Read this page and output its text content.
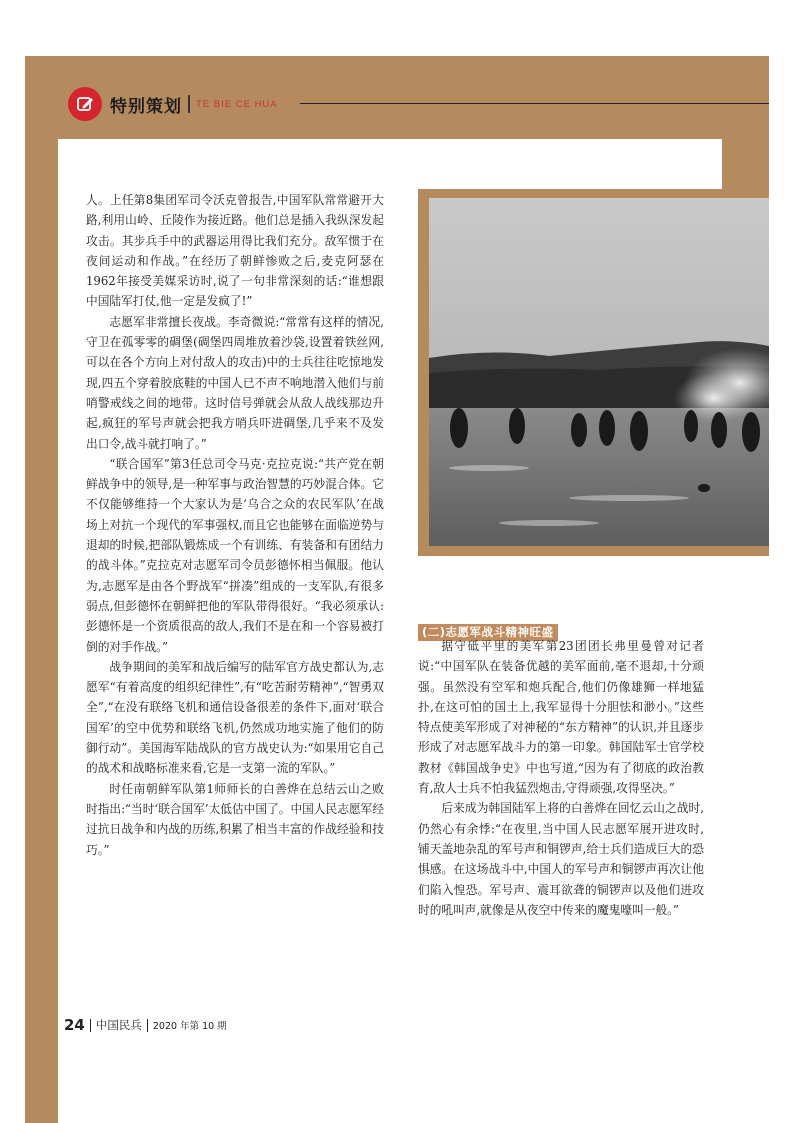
特别策划 TE BIE CE HUA

人。上任第8集团军司令沃克曾报告,中国军队常常避开大路,利用山岭、丘陵作为接近路。他们总是插入我纵深发起攻击。其步兵手中的武器运用得比我们充分。敌军惯于在夜间运动和作战。”在经历了朝鲜惨败之后,麦克阿瑟在1962年接受美媒采访时,说了一句非常深刻的话:“谁想跟中国陆军打仗,他一定是发疯了!”

志愿军非常擅长夜战。李奇微说:“常常有这样的情况,守卫在孤零零的碉堡(碉堡四周堆放着沙袋,设置着铁丝网,可以在各个方向上对付敌人的攻击)中的士兵往往吃惊地发现,四五个穿着胶底鞋的中国人已不声不响地潜入他们与前哨警戒线之间的地带。这时信号弹就会从敌人战线那边升起,疯狂的军号声就会把我方哨兵吓进碉堡,几乎来不及发出口令,战斗就打响了。”

“联合国军”第3任总司令马克·克拉克说:“共产党在朝鲜战争中的领导,是一种军事与政治智慧的巧妙混合体。它不仅能够维持一个大家认为是‘乌合之众的农民军队’在战场上对抗一个现代的军事强权,而且它也能够在面临逆势与退却的时候,把部队锻炼成一个有训练、有装备和有团结力的战斗体。”克拉克对志愿军司令员彭德怀相当佩服。他认为,志愿军是由各个野战军“拼凑”组成的一支军队,有很多弱点,但彭德怀在朝鲜把他的军队带得很好。“我必须承认:彭德怀是一个资质很高的敌人,我们不是在和一个容易被打倒的对手作战。”

战争期间的美军和战后编写的陆军官方战史都认为,志愿军“有着高度的组织纪律性”,有“吃苦耐劳精神”,“智勇双全”,“在没有联络飞机和通信设备很差的条件下,面对‘联合国军’的空中优势和联络飞机,仍然成功地实施了他们的防御行动”。美国海军陆战队的官方战史认为:“如果用它自己的战术和战略标准来看,它是一支第一流的军队。”

时任南朝鲜军队第1师师长的白善烨在总结云山之败时指出:“当时‘联合国军’太低估中国了。中国人民志愿军经过抗日战争和内战的历练,积累了相当丰富的作战经验和技巧。”

(二)志愿军战斗精神旺盛

据守砥平里的美军第23团团长弗里曼曾对记者说:“中国军队在装备优越的美军面前,毫不退却,十分顽强。虽然没有空军和炮兵配合,他们仍像雄狮一样地猛扑,在这可怕的国土上,我军显得十分胆怯和渺小。”这些特点使美军形成了对神秘的“东方精神”的认识,并且逐步形成了对志愿军战斗力的第一印象。韩国陆军士官学校教材《韩国战争史》中也写道,“因为有了彻底的政治教育,敌人士兵不怕我猛烈炮击,守得顽强,攻得坚决。”

后来成为韩国陆军上将的白善烨在回忆云山之战时,仍然心有余悸:“在夜里,当中国人民志愿军展开进攻时,铺天盖地杂乱的军号声和铜锣声,给士兵们造成巨大的恐惧感。在这场战斗中,中国人的军号声和铜锣声再次让他们陷入惶恐。军号声、震耳欲聋的铜锣声以及他们进攻时的吼叫声,就像是从夜空中传来的魔鬼嚎叫一般。”

24 中国民兵 2020 年第 10 期
